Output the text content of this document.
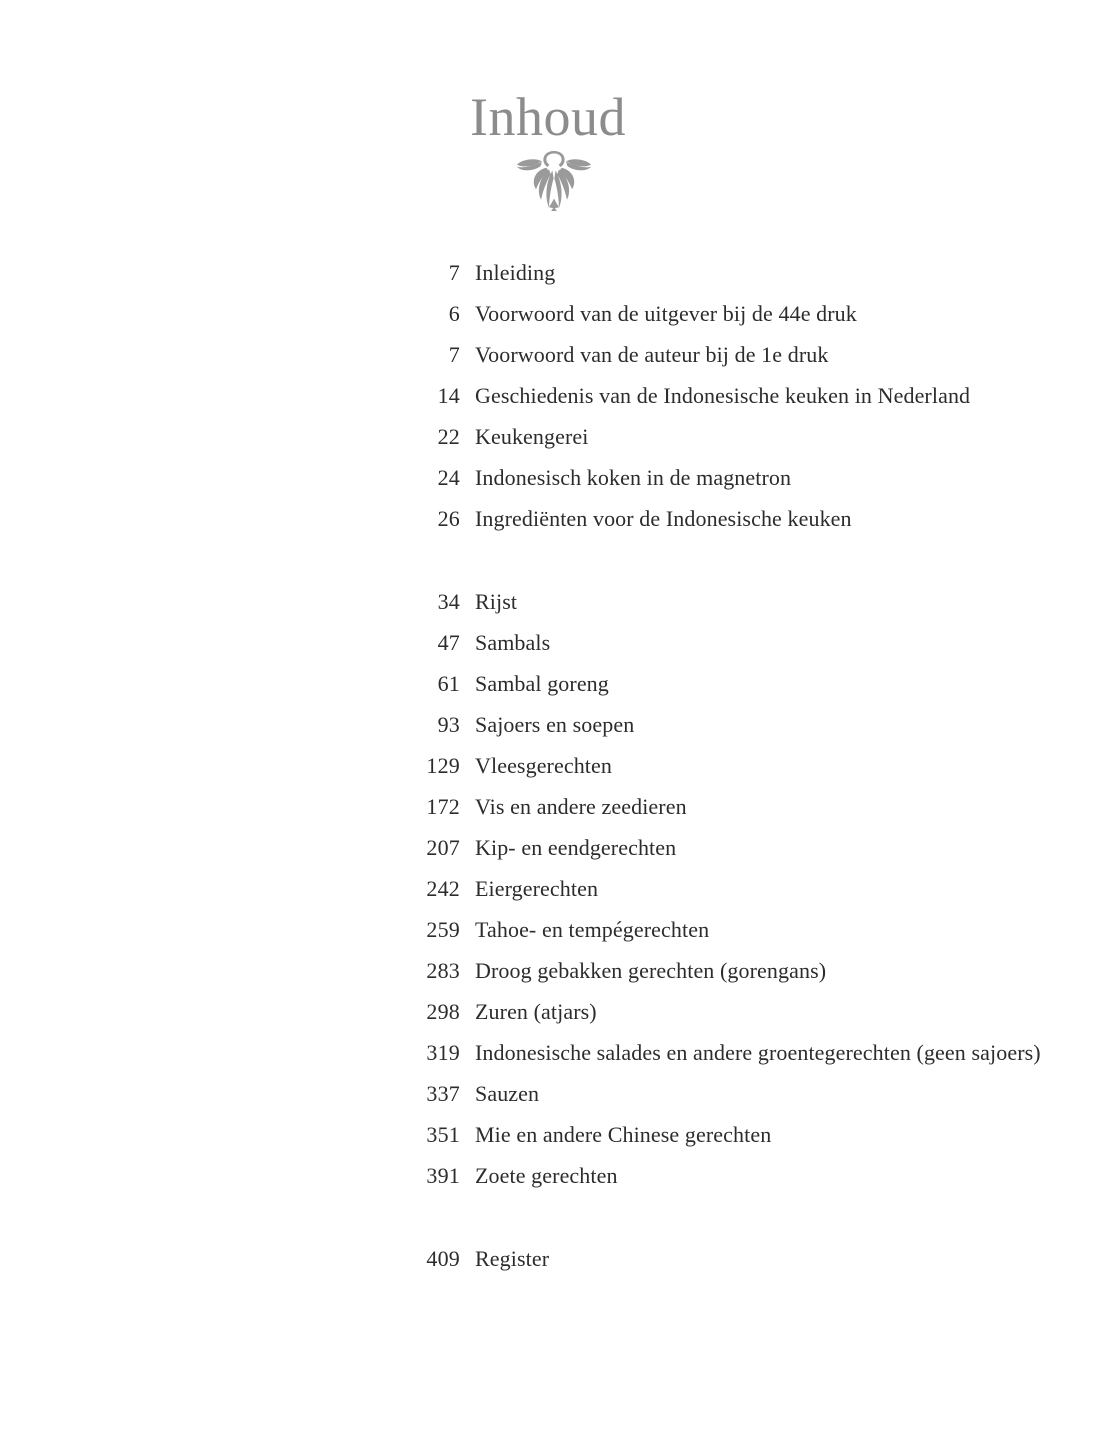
Inhoud
7 Inleiding
6 Voorwoord van de uitgever bij de 44e druk
7 Voorwoord van de auteur bij de 1e druk
14 Geschiedenis van de Indonesische keuken in Nederland
22 Keukengerei
24 Indonesisch koken in de magnetron
26 Ingrediënten voor de Indonesische keuken
34 Rijst
47 Sambals
61 Sambal goreng
93 Sajoers en soepen
129 Vleesgerechten
172 Vis en andere zeedieren
207 Kip- en eendgerechten
242 Eiergerechten
259 Tahoe- en tempégerechten
283 Droog gebakken gerechten (gorengans)
298 Zuren (atjars)
319 Indonesische salades en andere groentegerechten (geen sajoers)
337 Sauzen
351 Mie en andere Chinese gerechten
391 Zoete gerechten
409 Register
